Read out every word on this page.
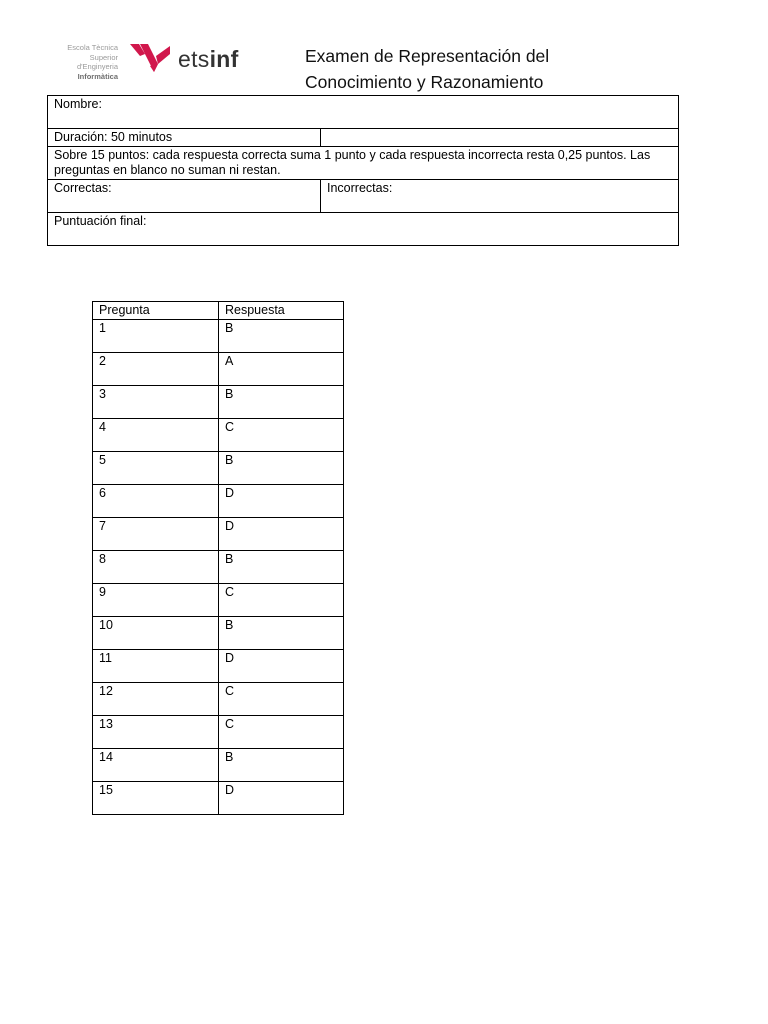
Escola Tècnica
Superior d'Enginyeria
Informàtica
etsinf	Examen de Representación del
Conocimiento y Razonamiento
Nombre:	
Duración: 50 minutos	
Sobre 15 puntos: cada respuesta correcta suma 1 punto y cada respuesta incorrecta resta 0,25 puntos. Las preguntas en blanco no suman ni restan.	
Correctas:	Incorrectas:
Puntuación final:	
Pregunta	Respuesta
1	B
2	A
3	B
4	C
5	B
6	D
7	D
8	B
9	C
10	B
11	D
12	C
13	C
14	B
15	D
